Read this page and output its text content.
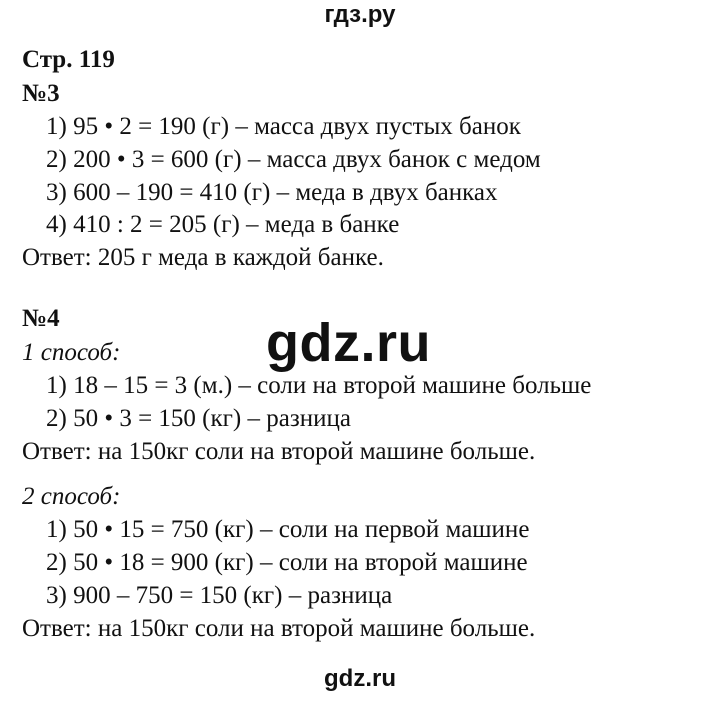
гдз.ру
Стр. 119
№3
1) 95 • 2 = 190 (г) – масса двух пустых банок
2) 200 • 3 = 600 (г) – масса двух банок с медом
3) 600 – 190 = 410 (г) – меда в двух банках
4) 410 : 2 = 205 (г) – меда в банке
Ответ: 205 г меда в каждой банке.
№4	gdz.ru
1 способ:
1) 18 – 15 = 3 (м.) – соли на второй машине больше
2) 50 • 3 = 150 (кг) – разница
Ответ: на 150кг соли на второй машине больше.
2 способ:
1) 50 • 15 = 750 (кг) – соли на первой машине
2) 50 • 18 = 900 (кг) – соли на второй машине
3) 900 – 750 = 150 (кг) – разница
Ответ: на 150кг соли на второй машине больше.
gdz.ru
